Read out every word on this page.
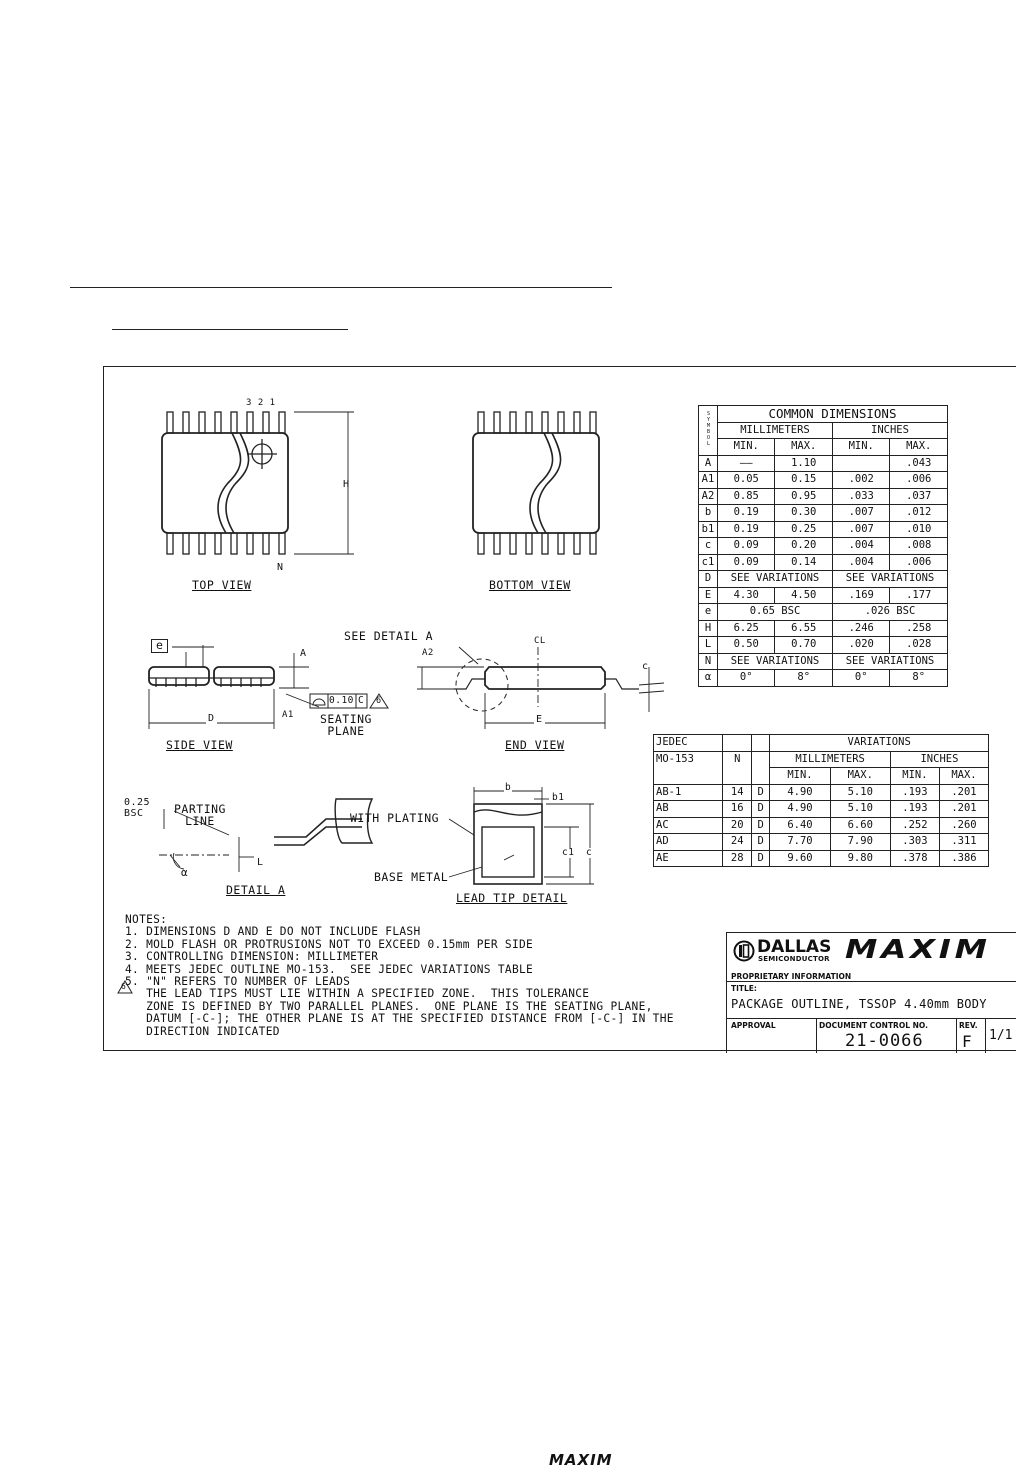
3 2 1
H
N
TOP VIEW	BOTTOM VIEW
e
A
A1
D
0.10 C 6
SEATING
PLANE
SIDE VIEW
SEE DETAIL A
A2
CL
c
E
END VIEW
0.25
BSC	PARTING
LINE
L
α
DETAIL A
WITH PLATING
BASE METAL
b
b1
c1 c
LEAD TIP DETAIL
SYMBOL	COMMON DIMENSIONS			
	MILLIMETERS		INCHES	
	MIN.	MAX.	MIN.	MAX.
A	——	1.10		.043
A1	0.05	0.15	.002	.006
A2	0.85	0.95	.033	.037
b	0.19	0.30	.007	.012
b1	0.19	0.25	.007	.010
c	0.09	0.20	.004	.008
c1	0.09	0.14	.004	.006
D	SEE VARIATIONS		SEE VARIATIONS	
E	4.30	4.50	.169	.177
e	0.65 BSC		.026 BSC	
H	6.25	6.55	.246	.258
L	0.50	0.70	.020	.028
N	SEE VARIATIONS		SEE VARIATIONS	
α	0°	8°	0°	8°
JEDEC			VARIATIONS			
MO-153	N		MILLIMETERS		INCHES	
			MIN.	MAX.	MIN.	MAX.
AB-1	14	D	4.90	5.10	.193	.201
AB	16	D	4.90	5.10	.193	.201
AC	20	D	6.40	6.60	.252	.260
AD	24	D	7.70	7.90	.303	.311
AE	28	D	9.60	9.80	.378	.386
NOTES:
1. DIMENSIONS D AND E DO NOT INCLUDE FLASH
2. MOLD FLASH OR PROTRUSIONS NOT TO EXCEED 0.15mm PER SIDE
3. CONTROLLING DIMENSION: MILLIMETER
4. MEETS JEDEC OUTLINE MO-153.  SEE JEDEC VARIATIONS TABLE
5. "N" REFERS TO NUMBER OF LEADS
THE LEAD TIPS MUST LIE WITHIN A SPECIFIED ZONE.  THIS TOLERANCE
ZONE IS DEFINED BY TWO PARALLEL PLANES.  ONE PLANE IS THE SEATING PLANE,
DATUM [-C-]; THE OTHER PLANE IS AT THE SPECIFIED DISTANCE FROM [-C-] IN THE
DIRECTION INDICATED
6
DALLAS
SEMICONDUCTOR MAXIM
PROPRIETARY INFORMATION
TITLE:
PACKAGE OUTLINE, TSSOP 4.40mm BODY
APPROVAL	DOCUMENT CONTROL NO.
21-0066
REV.
F 1/1
MAXIM
